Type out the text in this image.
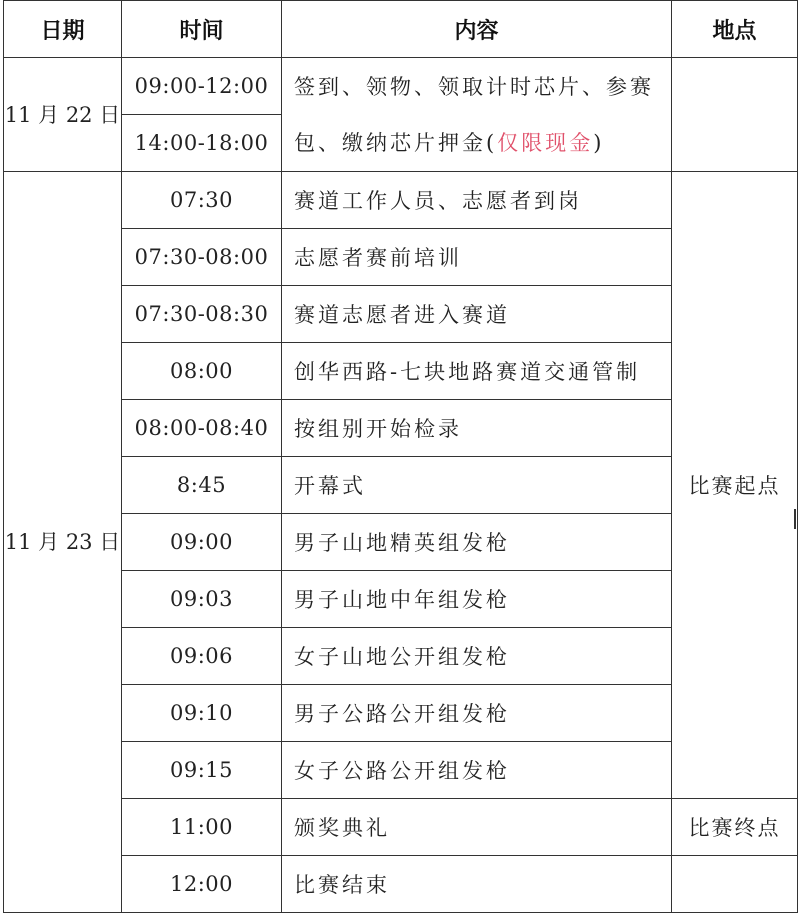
日期	时间	内容	地点
11 月 22 日	09:00-12:00	签到、领物、领取计时芯片、参赛包、缴纳芯片押金(仅限现金)	
	14:00-18:00		
11 月 23 日	07:30	赛道工作人员、志愿者到岗	比赛起点
	07:30-08:00	志愿者赛前培训	
	07:30-08:30	赛道志愿者进入赛道	
	08:00	创华西路-七块地路赛道交通管制	
	08:00-08:40	按组别开始检录	
	8:45	开幕式	
	09:00	男子山地精英组发枪	
	09:03	男子山地中年组发枪	
	09:06	女子山地公开组发枪	
	09:10	男子公路公开组发枪	
	09:15	女子公路公开组发枪	
	11:00	颁奖典礼	比赛终点
	12:00	比赛结束	
